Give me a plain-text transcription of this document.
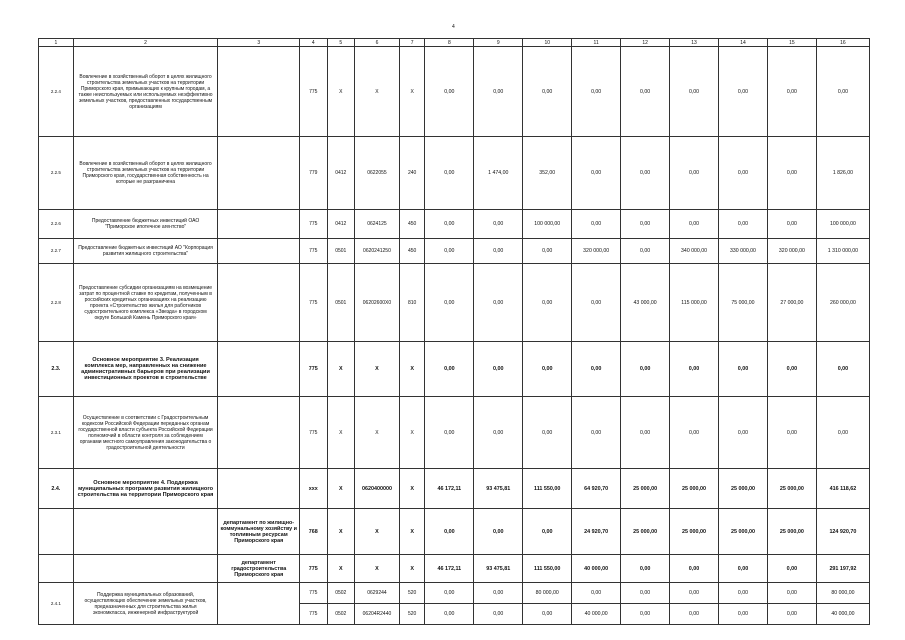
4
1	2	3	4	5	6	7	8	9	10	11	12	13	14	15	16
2.2.4	Вовлечение в хозяйственный оборот в целях жилищного строительства земельных участков на территории Приморского края, примыкающих к крупным городам, а также неиспользуемых или используемых неэффективно земельных участков, предоставленных государственным организациям		775	X	X	X	0,00	0,00	0,00	0,00	0,00	0,00	0,00	0,00	0,00
2.2.5	Вовлечение в хозяйственный оборот в целях жилищного строительства земельных участков на территории Приморского края, государственная собственность на которые не разграничена		779	0412	0622055	240	0,00	1 474,00	352,00	0,00	0,00	0,00	0,00	0,00	1 826,00
2.2.6	Предоставление бюджетных инвестиций ОАО "Приморское ипотечное агентство"		775	0412	0624125	450	0,00	0,00	100 000,00	0,00	0,00	0,00	0,00	0,00	100 000,00
2.2.7	Предоставление бюджетных инвестиций АО "Корпорация развития жилищного строительства"		775	0501	0620241250	450	0,00	0,00	0,00	320 000,00	0,00	340 000,00	330 000,00	320 000,00	1 310 000,00
2.2.8	Предоставление субсидии организациям на возмещение затрат по процентной ставке по кредитам, полученным в российских кредитных организациях на реализацию проекта «Строительство жилья для работников судостроительного комплекса «Звезда» в городском округе Большой Камень Приморского края»		775	0501	06202600X0	810	0,00	0,00	0,00	0,00	43 000,00	115 000,00	75 000,00	27 000,00	260 000,00
2.3.	Основное мероприятие 3. Реализация комплекса мер, направленных на снижение административных барьеров при реализации инвестиционных проектов в строительстве		775	X	X	X	0,00	0,00	0,00	0,00	0,00	0,00	0,00	0,00	0,00
2.3.1	Осуществление в соответствии с Градостроительным кодексом Российской Федерации переданных органам государственной власти субъекта Российской Федерации полномочий в области контроля за соблюдением органами местного самоуправления законодательства о градостроительной деятельности		775	X	X	X	0,00	0,00	0,00	0,00	0,00	0,00	0,00	0,00	0,00
2.4.	Основное мероприятие 4. Поддержка муниципальных программ развития жилищного строительства на территории Приморского края		xxx	X	0620400000	X	46 172,11	93 475,81	111 550,00	64 920,70	25 000,00	25 000,00	25 000,00	25 000,00	416 118,62
		департамент по жилищно-коммунальному хозяйству и топливным ресурсам Приморского края	768	X	X	X	0,00	0,00	0,00	24 920,70	25 000,00	25 000,00	25 000,00	25 000,00	124 920,70
		департамент градостроительства Приморского края	775	X	X	X	46 172,11	93 475,81	111 550,00	40 000,00	0,00	0,00	0,00	0,00	291 197,92
2.4.1	Поддержка муниципальных образований, осуществляющих обеспечение земельных участков, предназначенных для строительства жилья экономкласса, инженерной инфраструктурой		775	0502	0629244	520	0,00	0,00	80 000,00	0,00	0,00	0,00	0,00	0,00	80 000,00
			775	0502	06204R2440	520	0,00	0,00	0,00	40 000,00	0,00	0,00	0,00	0,00	40 000,00
